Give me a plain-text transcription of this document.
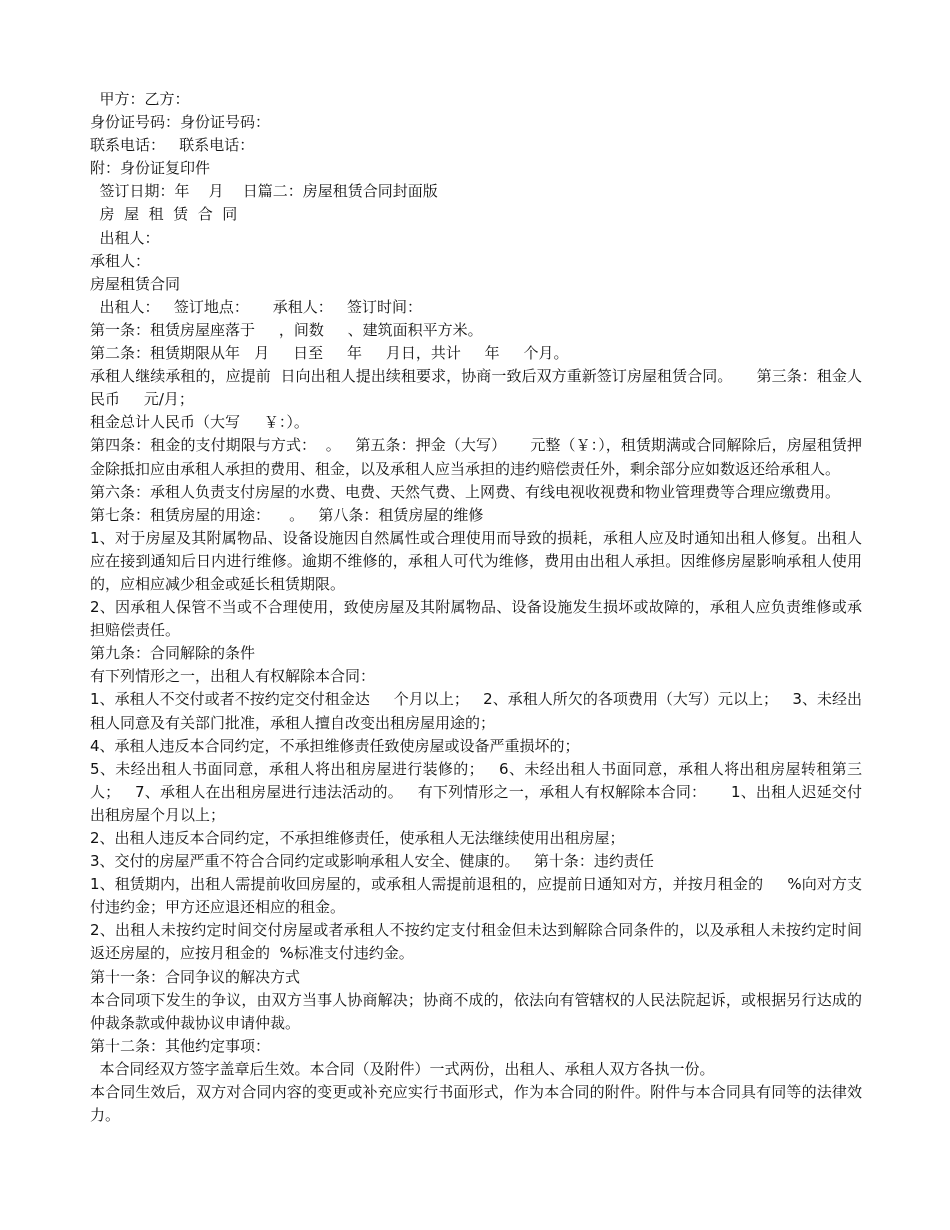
甲方：乙方：

身份证号码：身份证号码：

联系电话：   联系电话：

附：身份证复印件

签订日期：年    月    日篇二：房屋租赁合同封面版

房  屋  租  赁  合  同

出租人：

承租人：

房屋租赁合同

出租人：   签订地点：     承租人：   签订时间：

第一条：租赁房屋座落于     ，间数     、建筑面积平方米。

第二条：租赁期限从年   月     日至     年     月日，共计     年     个月。

承租人继续承租的，应提前  日向出租人提出续租要求，协商一致后双方重新签订房屋租赁合同。     第三条：租金人民币     元/月；

租金总计人民币（大写     ￥：）。

第四条：租金的支付期限与方式：  。   第五条：押金（大写）     元整（￥：），租赁期满或合同解除后，房屋租赁押金除抵扣应由承租人承担的费用、租金，以及承租人应当承担的违约赔偿责任外，剩余部分应如数返还给承租人。

第六条：承租人负责支付房屋的水费、电费、天然气费、上网费、有线电视收视费和物业管理费等合理应缴费用。

第七条：租赁房屋的用途：    。   第八条：租赁房屋的维修

1、对于房屋及其附属物品、设备设施因自然属性或合理使用而导致的损耗，承租人应及时通知出租人修复。出租人应在接到通知后日内进行维修。逾期不维修的，承租人可代为维修，费用由出租人承担。因维修房屋影响承租人使用的，应相应减少租金或延长租赁期限。

2、因承租人保管不当或不合理使用，致使房屋及其附属物品、设备设施发生损坏或故障的，承租人应负责维修或承担赔偿责任。

第九条：合同解除的条件

有下列情形之一，出租人有权解除本合同：

1、承租人不交付或者不按约定交付租金达     个月以上；   2、承租人所欠的各项费用（大写）元以上；   3、未经出租人同意及有关部门批准，承租人擅自改变出租房屋用途的；

4、承租人违反本合同约定，不承担维修责任致使房屋或设备严重损坏的；

5、未经出租人书面同意，承租人将出租房屋进行装修的；   6、未经出租人书面同意，承租人将出租房屋转租第三人；   7、承租人在出租房屋进行违法活动的。   有下列情形之一，承租人有权解除本合同：     1、出租人迟延交付出租房屋个月以上；

2、出租人违反本合同约定，不承担维修责任，使承租人无法继续使用出租房屋；

3、交付的房屋严重不符合合同约定或影响承租人安全、健康的。   第十条：违约责任

1、租赁期内，出租人需提前收回房屋的，或承租人需提前退租的，应提前日通知对方，并按月租金的     %向对方支付违约金；甲方还应退还相应的租金。

2、出租人未按约定时间交付房屋或者承租人不按约定支付租金但未达到解除合同条件的，以及承租人未按约定时间返还房屋的，应按月租金的  %标准支付违约金。

第十一条：合同争议的解决方式

本合同项下发生的争议，由双方当事人协商解决；协商不成的，依法向有管辖权的人民法院起诉，或根据另行达成的仲裁条款或仲裁协议申请仲裁。

第十二条：其他约定事项：

本合同经双方签字盖章后生效。本合同（及附件）一式两份，出租人、承租人双方各执一份。

本合同生效后，双方对合同内容的变更或补充应实行书面形式，作为本合同的附件。附件与本合同具有同等的法律效力。
